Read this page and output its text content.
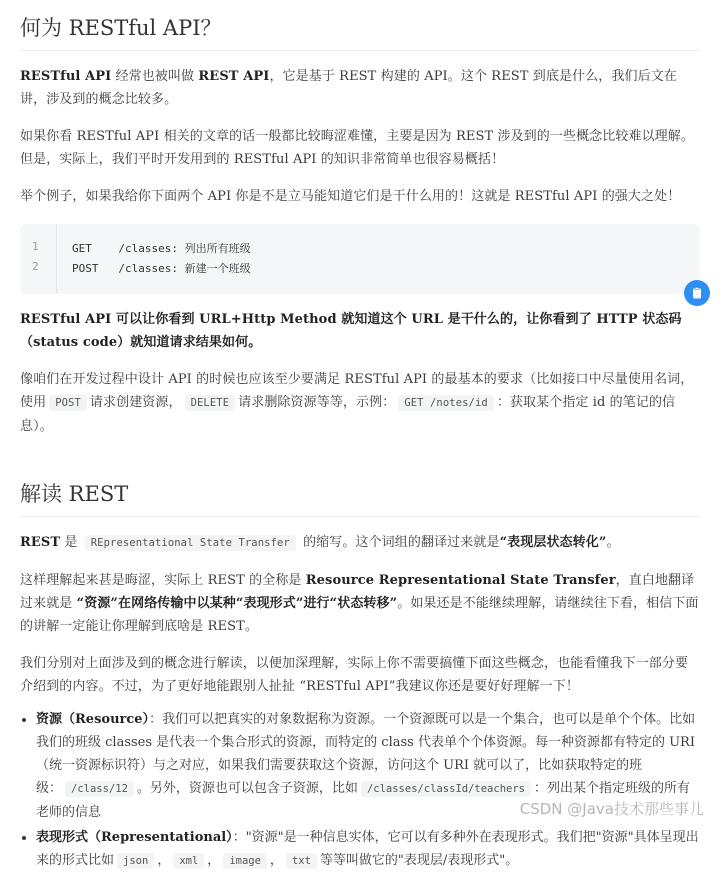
何为 RESTful API？

RESTful API 经常也被叫做 REST API，它是基于 REST 构建的 API。这个 REST 到底是什么，我们后文在讲，涉及到的概念比较多。

如果你看 RESTful API 相关的文章的话一般都比较晦涩难懂，主要是因为 REST 涉及到的一些概念比较难以理解。但是，实际上，我们平时开发用到的 RESTful API 的知识非常简单也很容易概括！

举个例子，如果我给你下面两个 API 你是不是立马能知道它们是干什么用的！这就是 RESTful API 的强大之处！

1	GET    /classes: 列出所有班级
2	POST   /classes: 新建一个班级

RESTful API 可以让你看到 URL+Http Method 就知道这个 URL 是干什么的，让你看到了 HTTP 状态码（status code）就知道请求结果如何。

像咱们在开发过程中设计 API 的时候也应该至少要满足 RESTful API 的最基本的要求（比如接口中尽量使用名词，使用 POST 请求创建资源， DELETE 请求删除资源等等，示例： GET /notes/id ：获取某个指定 id 的笔记的信息）。

解读 REST

REST 是 REpresentational State Transfer 的缩写。这个词组的翻译过来就是“表现层状态转化”。

这样理解起来甚是晦涩，实际上 REST 的全称是 Resource Representational State Transfer，直白地翻译过来就是 “资源”在网络传输中以某种“表现形式”进行“状态转移”。如果还是不能继续理解，请继续往下看，相信下面的讲解一定能让你理解到底啥是 REST。

我们分别对上面涉及到的概念进行解读，以便加深理解，实际上你不需要搞懂下面这些概念，也能看懂我下一部分要介绍到的内容。不过，为了更好地能跟别人扯扯 “RESTful API”我建议你还是要好好理解一下！

• 资源（Resource）：我们可以把真实的对象数据称为资源。一个资源既可以是一个集合，也可以是单个个体。比如我们的班级 classes 是代表一个集合形式的资源，而特定的 class 代表单个个体资源。每一种资源都有特定的 URI（统一资源标识符）与之对应，如果我们需要获取这个资源，访问这个 URI 就可以了，比如获取特定的班级： /class/12 。另外，资源也可以包含子资源，比如 /classes/classId/teachers ：列出某个指定班级的所有老师的信息
• 表现形式（Representational）："资源"是一种信息实体，它可以有多种外在表现形式。我们把"资源"具体呈现出来的形式比如 json ， xml ， image ， txt 等等叫做它的"表现层/表现形式"。
CSDN @Java技术那些事儿
